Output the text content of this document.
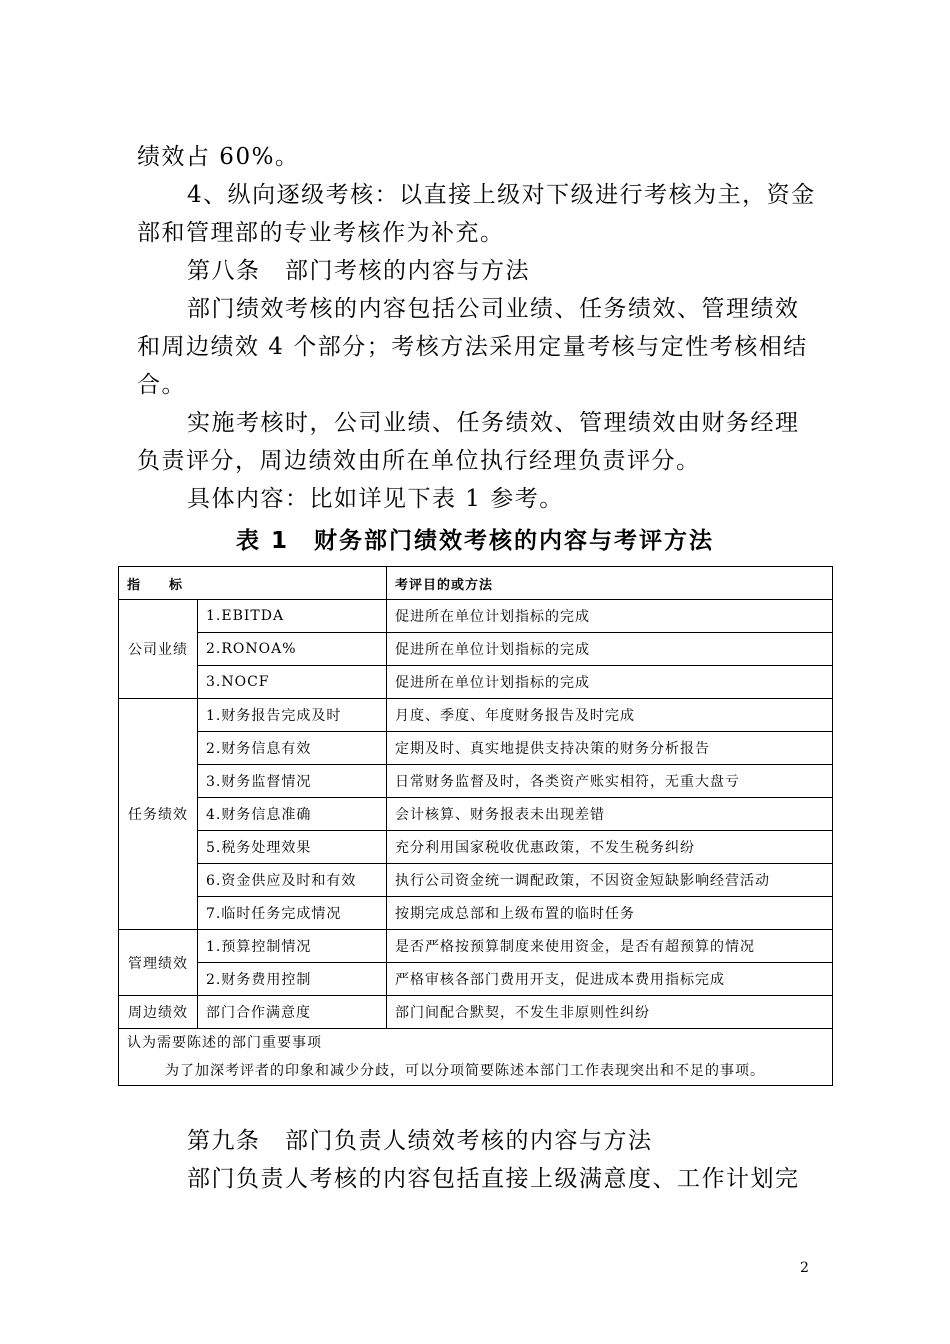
绩效占 60%。

4、纵向逐级考核：以直接上级对下级进行考核为主，资金部和管理部的专业考核作为补充。

第八条　部门考核的内容与方法

部门绩效考核的内容包括公司业绩、任务绩效、管理绩效和周边绩效 4 个部分；考核方法采用定量考核与定性考核相结合。

实施考核时，公司业绩、任务绩效、管理绩效由财务经理负责评分，周边绩效由所在单位执行经理负责评分。

具体内容：比如详见下表 1 参考。

表 1　财务部门绩效考核的内容与考评方法
指　　标		考评目的或方法
公司业绩	1.EBITDA	促进所在单位计划指标的完成
	2.RONOA%	促进所在单位计划指标的完成
	3.NOCF	促进所在单位计划指标的完成
任务绩效	1.财务报告完成及时	月度、季度、年度财务报告及时完成
	2.财务信息有效	定期及时、真实地提供支持决策的财务分析报告
	3.财务监督情况	日常财务监督及时，各类资产账实相符，无重大盘亏
	4.财务信息准确	会计核算、财务报表未出现差错
	5.税务处理效果	充分利用国家税收优惠政策，不发生税务纠纷
	6.资金供应及时和有效	执行公司资金统一调配政策，不因资金短缺影响经营活动
	7.临时任务完成情况	按期完成总部和上级布置的临时任务
管理绩效	1.预算控制情况	是否严格按预算制度来使用资金，是否有超预算的情况
	2.财务费用控制	严格审核各部门费用开支，促进成本费用指标完成
周边绩效	部门合作满意度	部门间配合默契，不发生非原则性纠纷

认为需要陈述的部门重要事项
为了加深考评者的印象和减少分歧，可以分项简要陈述本部门工作表现突出和不足的事项。		

第九条　部门负责人绩效考核的内容与方法

部门负责人考核的内容包括直接上级满意度、工作计划完

2
